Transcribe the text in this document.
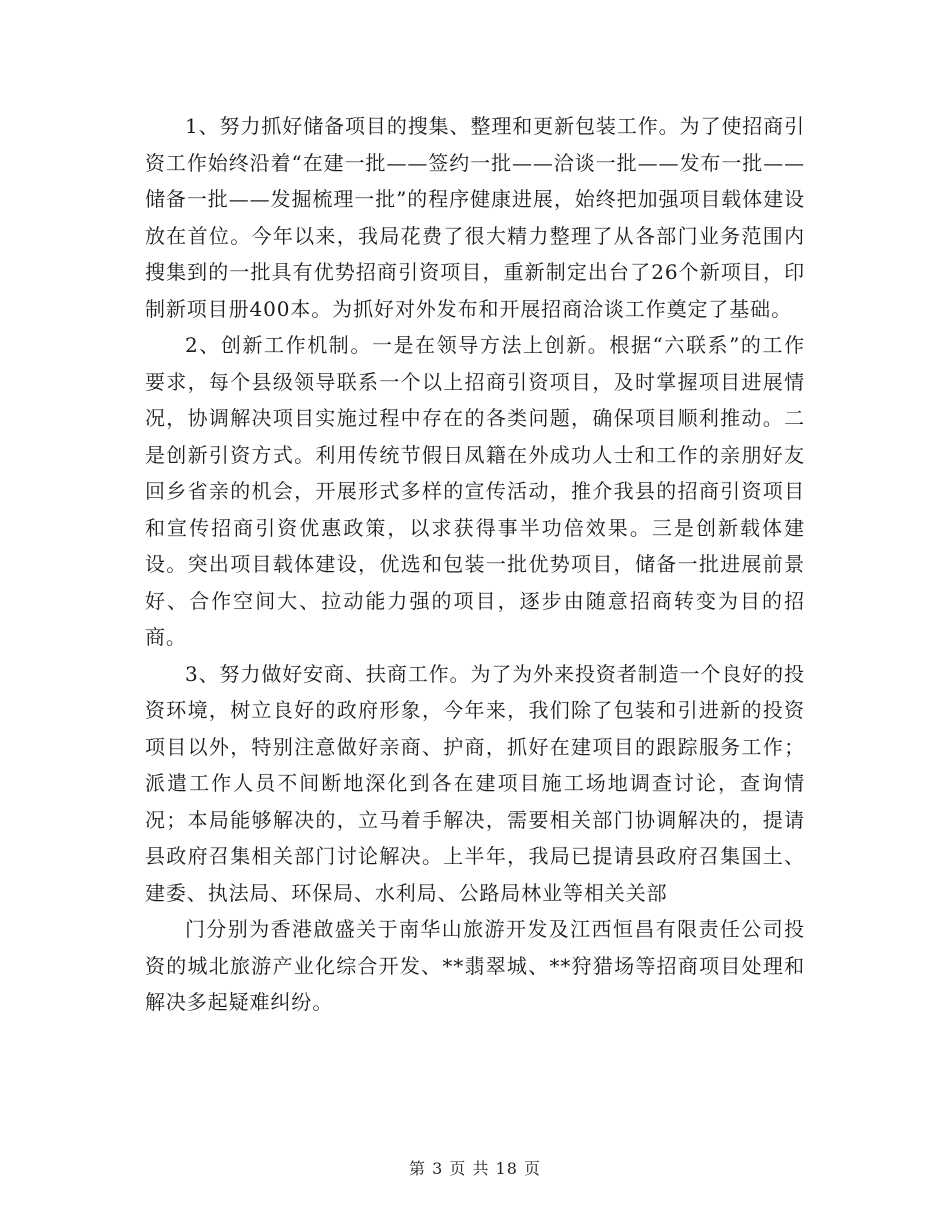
1、努力抓好储备项目的搜集、整理和更新包装工作。为了使招商引资工作始终沿着“在建一批——签约一批——洽谈一批——发布一批——储备一批——发掘梳理一批”的程序健康进展，始终把加强项目载体建设放在首位。今年以来，我局花费了很大精力整理了从各部门业务范围内搜集到的一批具有优势招商引资项目，重新制定出台了26个新项目，印制新项目册400本。为抓好对外发布和开展招商洽谈工作奠定了基础。

2、创新工作机制。一是在领导方法上创新。根据“六联系”的工作要求，每个县级领导联系一个以上招商引资项目，及时掌握项目进展情况，协调解决项目实施过程中存在的各类问题，确保项目顺利推动。二是创新引资方式。利用传统节假日凤籍在外成功人士和工作的亲朋好友回乡省亲的机会，开展形式多样的宣传活动，推介我县的招商引资项目和宣传招商引资优惠政策，以求获得事半功倍效果。三是创新载体建设。突出项目载体建设，优选和包装一批优势项目，储备一批进展前景好、合作空间大、拉动能力强的项目，逐步由随意招商转变为目的招商。

3、努力做好安商、扶商工作。为了为外来投资者制造一个良好的投资环境，树立良好的政府形象，今年来，我们除了包装和引进新的投资项目以外，特别注意做好亲商、护商，抓好在建项目的跟踪服务工作；派遣工作人员不间断地深化到各在建项目施工场地调查讨论，查询情况；本局能够解决的，立马着手解决，需要相关部门协调解决的，提请县政府召集相关部门讨论解决。上半年，我局已提请县政府召集国土、建委、执法局、环保局、水利局、公路局林业等相关关部

门分别为香港啟盛关于南华山旅游开发及江西恒昌有限责任公司投资的城北旅游产业化综合开发、**翡翠城、**狩猎场等招商项目处理和解决多起疑难纠纷。

第 3 页 共 18 页
